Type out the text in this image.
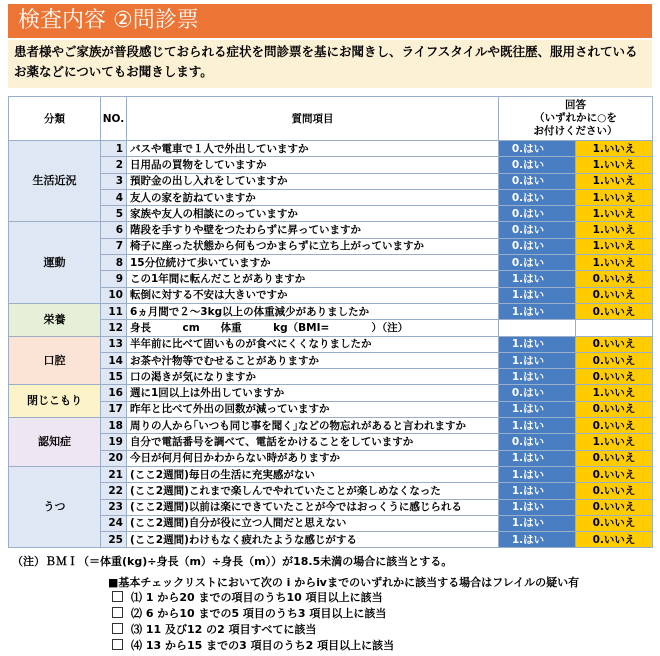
検査内容 ②問診票
患者様やご家族が普段感じておられる症状を問診票を基にお聞きし、ライフスタイルや既往歴、服用されているお薬などについてもお聞きします。
分類	NO.	質問項目	回答
（いずれかに○を
お付けください）	

生活近況	1	バスや電車で１人で外出していますか	0.はい	1.いいえ
	2	日用品の買物をしていますか	0.はい	1.いいえ
	3	預貯金の出し入れをしていますか	0.はい	1.いいえ
	4	友人の家を訪ねていますか	0.はい	1.いいえ
	5	家族や友人の相談にのっていますか	0.はい	1.いいえ
運動	6	階段を手すりや壁をつたわらずに昇っていますか	0.はい	1.いいえ
	7	椅子に座った状態から何もつかまらずに立ち上がっていますか	0.はい	1.いいえ
	8	15分位続けて歩いていますか	0.はい	1.いいえ
	9	この1年間に転んだことがありますか	1.はい	0.いいえ
	10	転倒に対する不安は大きいですか	1.はい	0.いいえ
栄養	11	6ヵ月間で２～3kg以上の体重減少がありましたか	1.はい	0.いいえ
	12	身長　　　cm　　体重　　　kg（BMI=　　　　）（注）		
口腔	13	半年前に比べて固いものが食べにくくなりましたか	1.はい	0.いいえ
	14	お茶や汁物等でむせることがありますか	1.はい	0.いいえ
	15	口の渇きが気になりますか	1.はい	0.いいえ
閉じこもり	16	週に1回以上は外出していますか	0.はい	1.いいえ
	17	昨年と比べて外出の回数が減っていますか	1.はい	0.いいえ
認知症	18	周りの人から｢いつも同じ事を聞く｣などの物忘れがあると言われますか	1.はい	0.いいえ
	19	自分で電話番号を調べて、電話をかけることをしていますか	0.はい	1.いいえ
	20	今日が何月何日かわからない時がありますか	1.はい	0.いいえ
うつ	21	(ここ2週間)毎日の生活に充実感がない	1.はい	0.いいえ
	22	(ここ2週間)これまで楽しんでやれていたことが楽しめなくなった	1.はい	0.いいえ
	23	(ここ2週間)以前は楽にできていたことが今ではおっくうに感じられる	1.はい	0.いいえ
	24	(ここ2週間)自分が役に立つ人間だと思えない	1.はい	0.いいえ
	25	(ここ2週間)わけもなく疲れたような感じがする	1.はい	0.いいえ
（注）ＢＭＩ（＝体重(kg)÷身長（m）÷身長（m））が18.5未満の場合に該当とする。
■基本チェックリストにおいて次の ⅰ からⅳまでのいずれかに該当する場合はフレイルの疑い有
⑴ 1 から20 までの項目のうち10 項目以上に該当
⑵ 6 から10 までの5 項目のうち3 項目以上に該当
⑶ 11 及び12 の2 項目すべてに該当
⑷ 13 から15 までの3 項目のうち2 項目以上に該当
